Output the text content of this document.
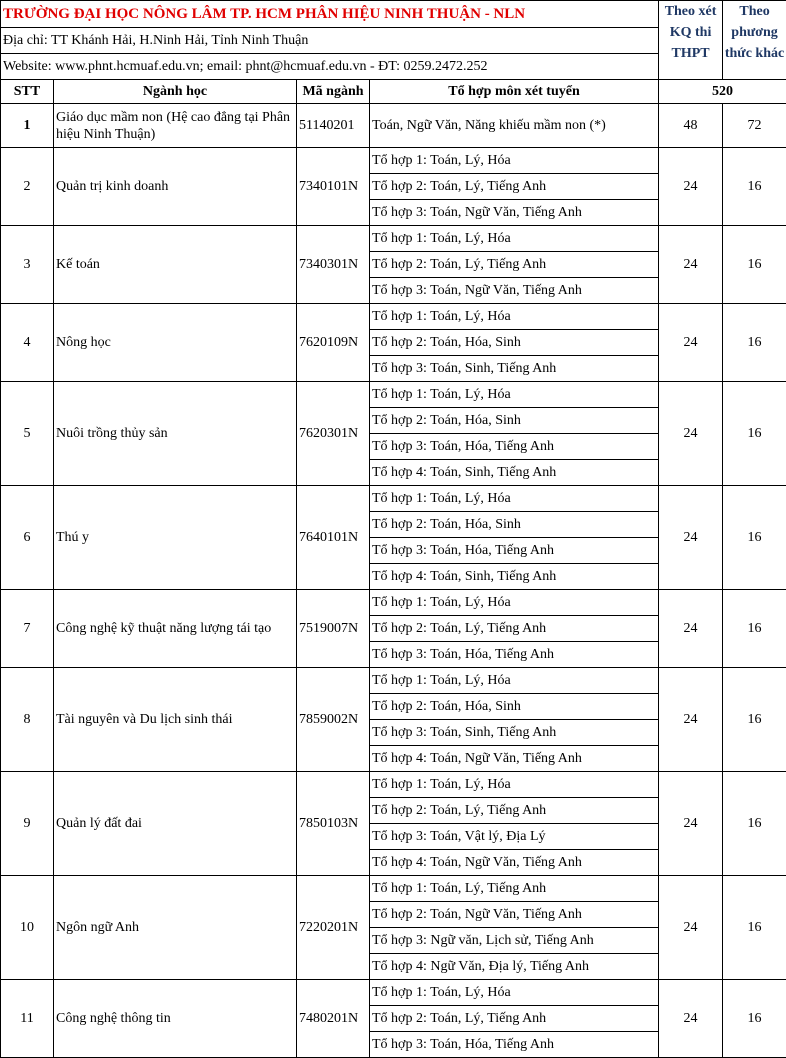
TRƯỜNG ĐẠI HỌC NÔNG LÂM TP. HCM PHÂN HIỆU NINH THUẬN - NLN				Theo xét KQ thi THPT	Theo phương thức khác
Địa chỉ: TT Khánh Hải, H.Ninh Hải, Tỉnh Ninh Thuận					
Website: www.phnt.hcmuaf.edu.vn; email: phnt@hcmuaf.edu.vn - ĐT: 0259.2472.252					
STT	Ngành học	Mã ngành	Tổ hợp môn xét tuyển	520	
1	Giáo dục mầm non (Hệ cao đẳng tại Phân hiệu Ninh Thuận)	51140201	Toán, Ngữ Văn, Năng khiếu mầm non (*)	48	72
2	Quản trị kinh doanh	7340101N	Tổ hợp 1: Toán, Lý, Hóa	24	16
			Tổ hợp 2: Toán, Lý, Tiếng Anh		
			Tổ hợp 3: Toán, Ngữ Văn, Tiếng Anh		
3	Kế toán	7340301N	Tổ hợp 1: Toán, Lý, Hóa	24	16
			Tổ hợp 2: Toán, Lý, Tiếng Anh		
			Tổ hợp 3: Toán, Ngữ Văn, Tiếng Anh		
4	Nông học	7620109N	Tổ hợp 1: Toán, Lý, Hóa	24	16
			Tổ hợp 2: Toán, Hóa, Sinh		
			Tổ hợp 3: Toán, Sinh, Tiếng Anh		
5	Nuôi trồng thủy sản	7620301N	Tổ hợp 1: Toán, Lý, Hóa	24	16
			Tổ hợp 2: Toán, Hóa, Sinh		
			Tổ hợp 3: Toán, Hóa, Tiếng Anh		
			Tổ hợp 4: Toán, Sinh, Tiếng Anh		
6	Thú y	7640101N	Tổ hợp 1: Toán, Lý, Hóa	24	16
			Tổ hợp 2: Toán, Hóa, Sinh		
			Tổ hợp 3: Toán, Hóa, Tiếng Anh		
			Tổ hợp 4: Toán, Sinh, Tiếng Anh		
7	Công nghệ kỹ thuật năng lượng tái tạo	7519007N	Tổ hợp 1: Toán, Lý, Hóa	24	16
			Tổ hợp 2: Toán, Lý, Tiếng Anh		
			Tổ hợp 3: Toán, Hóa, Tiếng Anh		
8	Tài nguyên và Du lịch sinh thái	7859002N	Tổ hợp 1: Toán, Lý, Hóa	24	16
			Tổ hợp 2: Toán, Hóa, Sinh		
			Tổ hợp 3: Toán, Sinh, Tiếng Anh		
			Tổ hợp 4: Toán, Ngữ Văn, Tiếng Anh		
9	Quản lý đất đai	7850103N	Tổ hợp 1: Toán, Lý, Hóa	24	16
			Tổ hợp 2: Toán, Lý, Tiếng Anh		
			Tổ hợp 3: Toán, Vật lý, Địa Lý		
			Tổ hợp 4: Toán, Ngữ Văn, Tiếng Anh		
10	Ngôn ngữ Anh	7220201N	Tổ hợp 1: Toán, Lý, Tiếng Anh	24	16
			Tổ hợp 2: Toán, Ngữ Văn, Tiếng Anh		
			Tổ hợp 3: Ngữ văn, Lịch sử, Tiếng Anh		
			Tổ hợp 4: Ngữ Văn, Địa lý, Tiếng Anh		
11	Công nghệ thông tin	7480201N	Tổ hợp 1: Toán, Lý, Hóa	24	16
			Tổ hợp 2: Toán, Lý, Tiếng Anh		
			Tổ hợp 3: Toán, Hóa, Tiếng Anh		
